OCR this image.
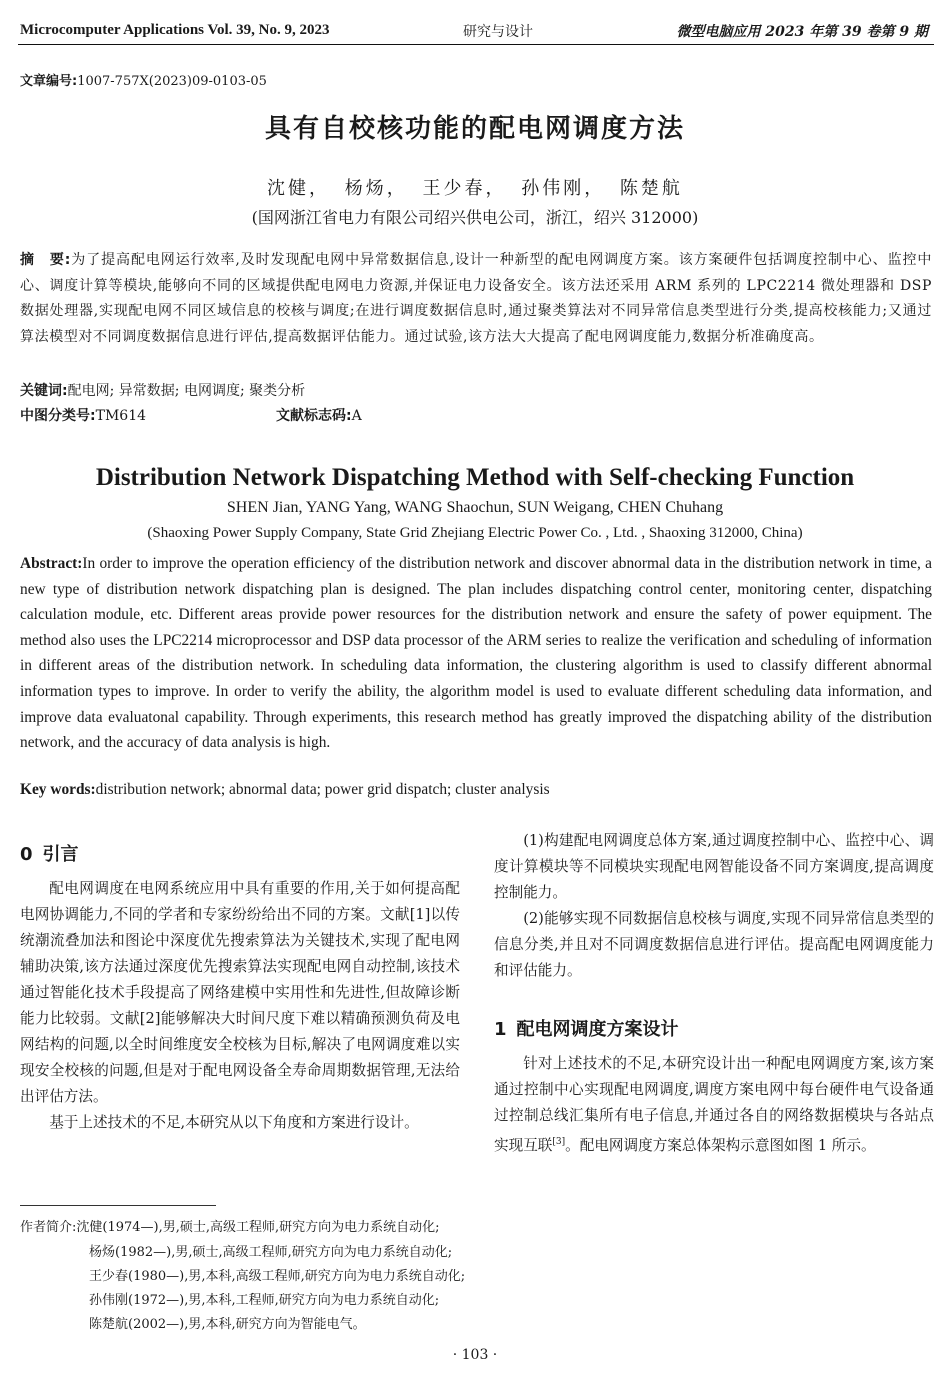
Microcomputer Applications Vol. 39, No. 9, 2023	研究与设计	微型电脑应用 2023 年第 39 卷第 9 期
文章编号:1007-757X(2023)09-0103-05
具有自校核功能的配电网调度方法
沈健， 杨炀， 王少春， 孙伟刚， 陈楚航
(国网浙江省电力有限公司绍兴供电公司，浙江，绍兴 312000)
摘　要:为了提高配电网运行效率,及时发现配电网中异常数据信息,设计一种新型的配电网调度方案。该方案硬件包括调度控制中心、监控中心、调度计算等模块,能够向不同的区域提供配电网电力资源,并保证电力设备安全。该方法还采用 ARM 系列的 LPC2214 微处理器和 DSP 数据处理器,实现配电网不同区域信息的校核与调度;在进行调度数据信息时,通过聚类算法对不同异常信息类型进行分类,提高校核能力;又通过算法模型对不同调度数据信息进行评估,提高数据评估能力。通过试验,该方法大大提高了配电网调度能力,数据分析准确度高。
关键词:配电网; 异常数据; 电网调度; 聚类分析
中图分类号:TM614	文献标志码:A
Distribution Network Dispatching Method with Self-checking Function
SHEN Jian, YANG Yang, WANG Shaochun, SUN Weigang, CHEN Chuhang
(Shaoxing Power Supply Company, State Grid Zhejiang Electric Power Co. , Ltd. , Shaoxing 312000, China)
Abstract:In order to improve the operation efficiency of the distribution network and discover abnormal data in the distribution network in time, a new type of distribution network dispatching plan is designed. The plan includes dispatching control center, monitoring center, dispatching calculation module, etc. Different areas provide power resources for the distribution network and ensure the safety of power equipment. The method also uses the LPC2214 microprocessor and DSP data processor of the ARM series to realize the verification and scheduling of information in different areas of the distribution network. In scheduling data information, the clustering algorithm is used to classify different abnormal information types to improve. In order to verify the ability, the algorithm model is used to evaluate different scheduling data information, and improve data evaluatonal capability. Through experiments, this research method has greatly improved the dispatching ability of the distribution network, and the accuracy of data analysis is high.
Key words:distribution network; abnormal data; power grid dispatch; cluster analysis
0 引言

配电网调度在电网系统应用中具有重要的作用,关于如何提高配电网协调能力,不同的学者和专家纷纷给出不同的方案。文献[1]以传统潮流叠加法和图论中深度优先搜索算法为关键技术,实现了配电网辅助决策,该方法通过深度优先搜索算法实现配电网自动控制,该技术通过智能化技术手段提高了网络建模中实用性和先进性,但故障诊断能力比较弱。文献[2]能够解决大时间尺度下难以精确预测负荷及电网结构的问题,以全时间维度安全校核为目标,解决了电网调度难以实现安全校核的问题,但是对于配电网设备全寿命周期数据管理,无法给出评估方法。

基于上述技术的不足,本研究从以下角度和方案进行设计。

(1)构建配电网调度总体方案,通过调度控制中心、监控中心、调度计算模块等不同模块实现配电网智能设备不同方案调度,提高调度控制能力。

(2)能够实现不同数据信息校核与调度,实现不同异常信息类型的信息分类,并且对不同调度数据信息进行评估。提高配电网调度能力和评估能力。

1 配电网调度方案设计

针对上述技术的不足,本研究设计出一种配电网调度方案,该方案通过控制中心实现配电网调度,调度方案电网中每台硬件电气设备通过控制总线汇集所有电子信息,并通过各自的网络数据模块与各站点实现互联[3]。配电网调度方案总体架构示意图如图 1 所示。

作者简介:沈健(1974—),男,硕士,高级工程师,研究方向为电力系统自动化;
杨炀(1982—),男,硕士,高级工程师,研究方向为电力系统自动化;
王少春(1980—),男,本科,高级工程师,研究方向为电力系统自动化;
孙伟刚(1972—),男,本科,工程师,研究方向为电力系统自动化;
陈楚航(2002—),男,本科,研究方向为智能电气。
· 103 ·
